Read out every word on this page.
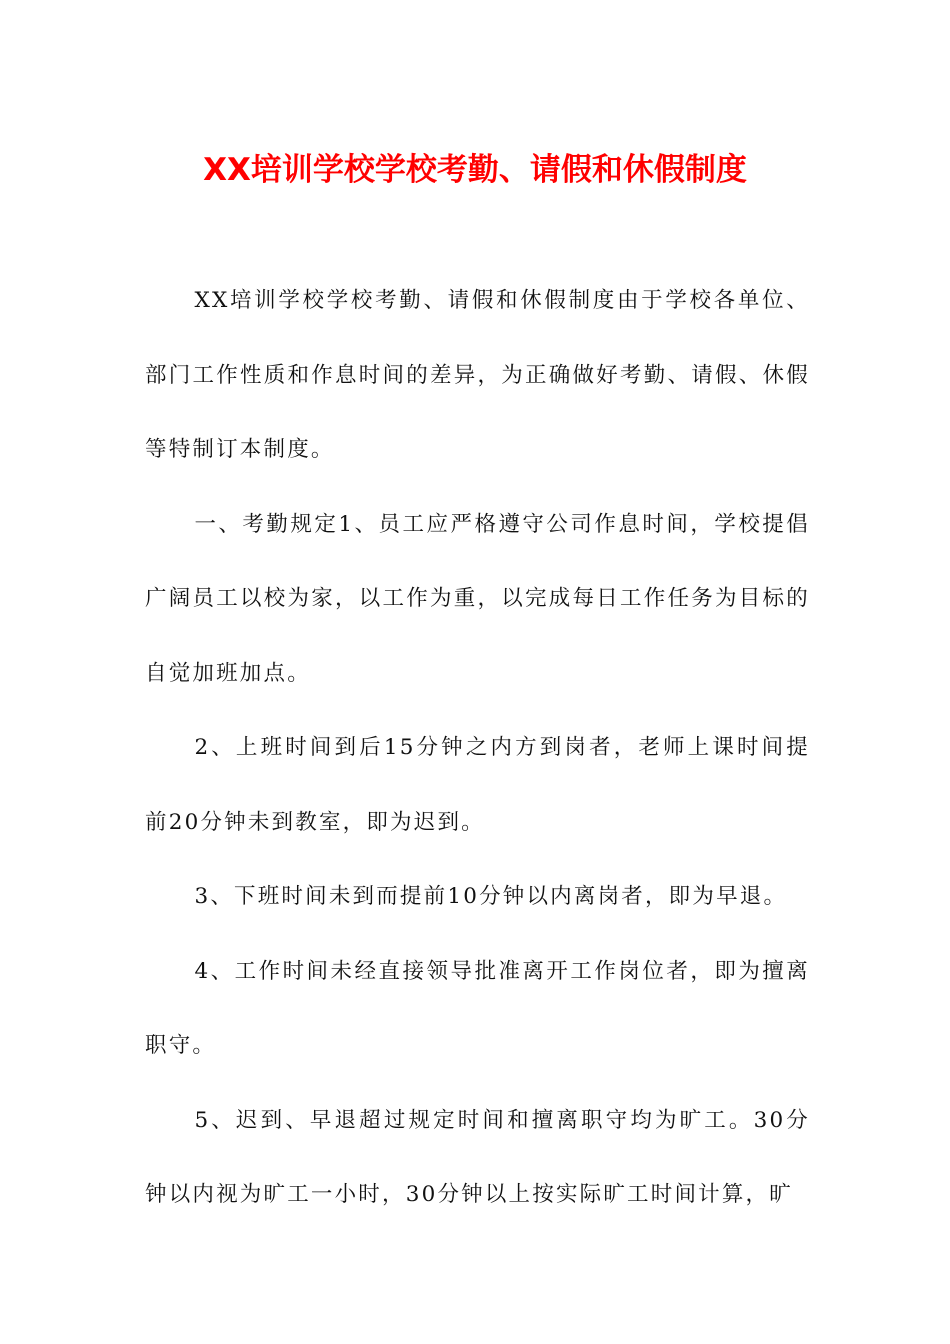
XX培训学校学校考勤、请假和休假制度

XX培训学校学校考勤、请假和休假制度由于学校各单位、部门工作性质和作息时间的差异，为正确做好考勤、请假、休假等特制订本制度。

一、考勤规定1、员工应严格遵守公司作息时间，学校提倡广阔员工以校为家，以工作为重，以完成每日工作任务为目标的自觉加班加点。

2、上班时间到后15分钟之内方到岗者，老师上课时间提前20分钟未到教室，即为迟到。

3、下班时间未到而提前10分钟以内离岗者，即为早退。

4、工作时间未经直接领导批准离开工作岗位者，即为擅离职守。

5、迟到、早退超过规定时间和擅离职守均为旷工。30分钟以内视为旷工一小时，30分钟以上按实际旷工时间计算，旷
